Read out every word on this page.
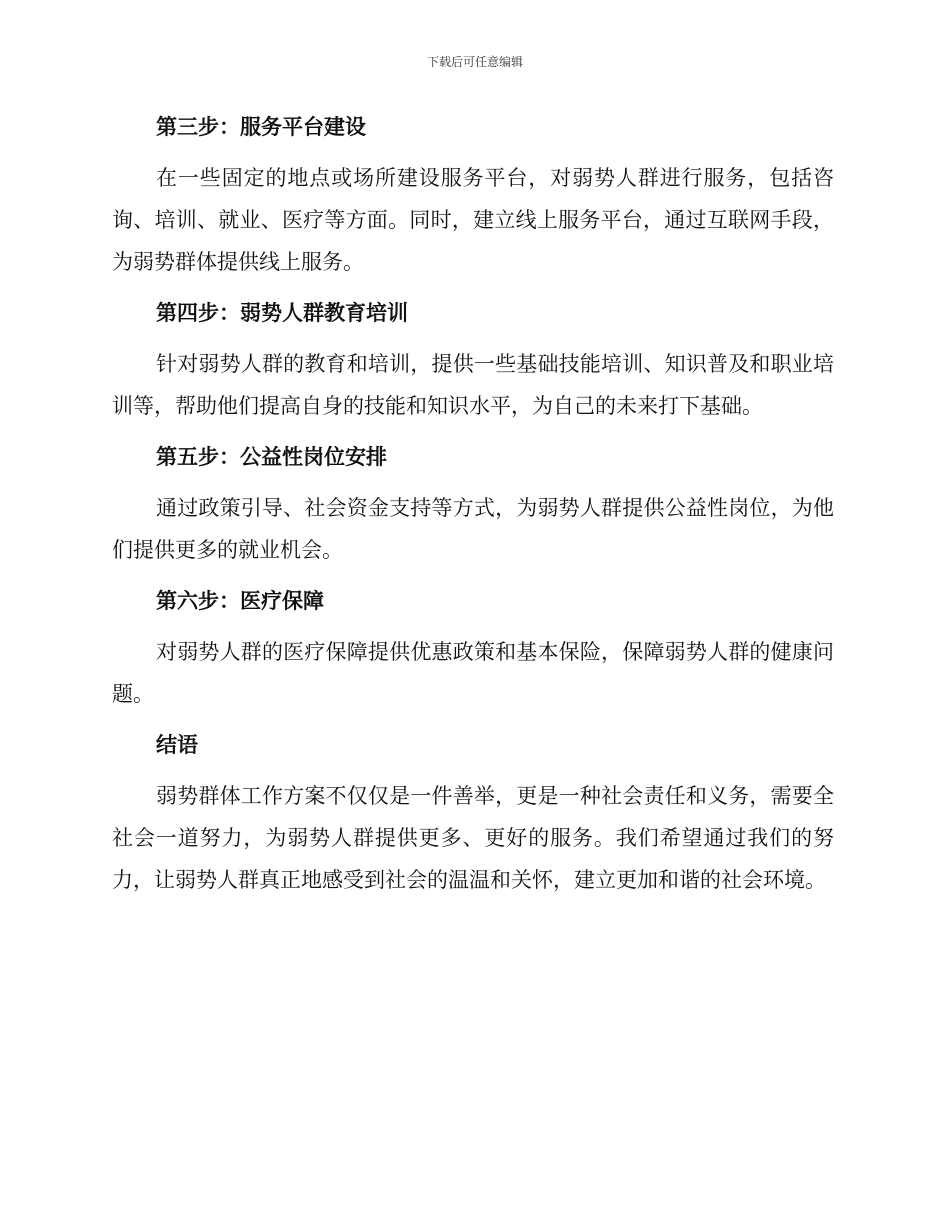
下载后可任意编辑
第三步：服务平台建设

在一些固定的地点或场所建设服务平台，对弱势人群进行服务，包括咨询、培训、就业、医疗等方面。同时，建立线上服务平台，通过互联网手段，为弱势群体提供线上服务。

第四步：弱势人群教育培训

针对弱势人群的教育和培训，提供一些基础技能培训、知识普及和职业培训等，帮助他们提高自身的技能和知识水平，为自己的未来打下基础。

第五步：公益性岗位安排

通过政策引导、社会资金支持等方式，为弱势人群提供公益性岗位，为他们提供更多的就业机会。

第六步：医疗保障

对弱势人群的医疗保障提供优惠政策和基本保险，保障弱势人群的健康问题。

结语

弱势群体工作方案不仅仅是一件善举，更是一种社会责任和义务，需要全社会一道努力，为弱势人群提供更多、更好的服务。我们希望通过我们的努力，让弱势人群真正地感受到社会的温温和关怀，建立更加和谐的社会环境。
